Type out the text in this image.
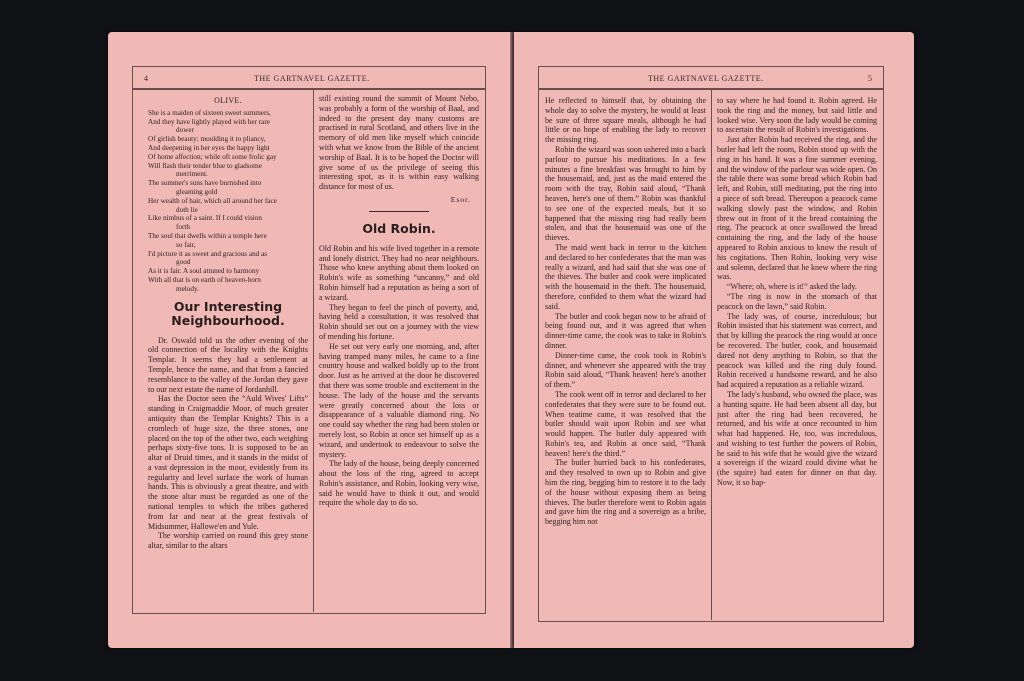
4	THE GARTNAVEL GAZETTE.
OLIVE.
She is a maiden of sixteen sweet summers,
And they have lightly played with her rare
dower
Of girlish beauty; moulding it to pliancy,
And deepening in her eyes the happy light
Of home affection; while oft some frolic gay
Will flash their tender blue to gladsome
merriment.
The summer's suns have burnished into
gleaming gold
Her wealth of hair, which all around her face
doth lie
Like nimbus of a saint. If I could vision
forth
The soul that dwells within a temple here
so fair,
I'd picture it as sweet and gracious and as
good
As it is fair. A soul attuned to harmony
With all that is on earth of heaven-born
melody.
Our Interesting
Neighbourhood.

Dr. Oswald told us the other evening of the old connection of the locality with the Knights Templar. It seems they had a settlement at Temple, hence the name, and that from a fancied resemblance to the valley of the Jordan they gave to our next estate the name of Jordanhill.

Has the Doctor seen the “Auld Wives' Lifts” standing in Craigmaddie Moor, of much greater antiquity than the Templar Knights? This is a cromlech of huge size, the three stones, one placed on the top of the other two, each weighing perhaps sixty-five tons. It is supposed to be an altar of Druid times, and it stands in the midst of a vast depression in the moor, evidently from its regularity and level surface the work of human hands. This is obviously a great theatre, and with the stone altar must be regarded as one of the national temples to which the tribes gathered from far and near at the great festivals of Midsummer, Hallowe'en and Yule.

The worship carried on round this grey stone altar, similar to the altars

still existing round the summit of Mount Nebo, was probably a form of the worship of Baal, and indeed to the present day many customs are practised in rural Scotland, and others live in the memory of old men like myself which coincide with what we know from the Bible of the ancient worship of Baal. It is to be hoped the Doctor will give some of us the privilege of seeing this interesting spot, as it is within easy walking distance for most of us.

Esor.
Old Robin.

Old Robin and his wife lived together in a remote and lonely district. They had no near neighbours. Those who knew anything about them looked on Robin's wife as something “uncanny,” and old Robin himself had a reputation as being a sort of a wizard.

They began to feel the pinch of poverty, and, having held a consultation, it was resolved that Robin should set out on a journey with the view of mending his fortune.

He set out very early one morning, and, after having tramped many miles, he came to a fine country house and walked boldly up to the front door. Just as he arrived at the door he discovered that there was some trouble and excitement in the house. The lady of the house and the servants were greatly concerned about the loss or disappearance of a valuable diamond ring. No one could say whether the ring had been stolen or merely lost, so Robin at once set himself up as a wizard, and undertook to endeavour to solve the mystery.

The lady of the house, being deeply concerned about the loss of the ring, agreed to accept Robin's assistance, and Robin, looking very wise, said he would have to think it out, and would require the whole day to do so.

THE GARTNAVEL GAZETTE.	5

He reflected to himself that, by obtaining the whole day to solve the mystery, he would at least be sure of three square meals, although he had little or no hope of enabling the lady to recover the missing ring.

Robin the wizard was soon ushered into a back parlour to pursue his meditations. In a few minutes a fine breakfast was brought to him by the housemaid, and, just as the maid entered the room with the tray, Robin said aloud, “Thank heaven, here's one of them.” Robin was thankful to see one of the expected meals, but it so happened that the missing ring had really been stolen, and that the housemaid was one of the thieves.

The maid went back in terror to the kitchen and declared to her confederates that the man was really a wizard, and had said that she was one of the thieves. The butler and cook were implicated with the housemaid in the theft. The housemaid, therefore, confided to them what the wizard had said.

The butler and cook began now to be afraid of being found out, and it was agreed that when dinner-time came, the cook was to take in Robin's dinner.

Dinner-time came, the cook took in Robin's dinner, and whenever she appeared with the tray Robin said aloud, “Thank heaven! here's another of them.”

The cook went off in terror and declared to her confederates that they were sure to be found out. When teatime came, it was resolved that the butler should wait upon Robin and see what would happen. The butler duly appeared with Robin's tea, and Robin at once said, “Thank heaven! here's the third.”

The butler hurried back to his confederates, and they resolved to own up to Robin and give him the ring, begging him to restore it to the lady of the house without exposing them as being thieves. The butler therefore went to Robin again and gave him the ring and a sovereign as a bribe, begging him not

to say where he had found it. Robin agreed. He took the ring and the money, but said little and looked wise. Very soon the lady would be coming to ascertain the result of Robin's investigations.

Just after Robin had received the ring, and the butler had left the room, Robin stood up with the ring in his hand. It was a fine summer evening, and the window of the parlour was wide open. On the table there was some bread which Robin had left, and Robin, still meditating, put the ring into a piece of soft bread. Thereupon a peacock came walking slowly past the window, and Robin threw out in front of it the bread containing the ring. The peacock at once swallowed the bread containing the ring, and the lady of the house appeared to Robin anxious to know the result of his cogitations. Then Robin, looking very wise and solemn, declared that he knew where the ring was.

“Where; oh, where is it!” asked the lady.

“The ring is now in the stomach of that peacock on the lawn,” said Robin.

The lady was, of course, incredulous; but Robin insisted that his statement was correct, and that by killing the peacock the ring would at once be recovered. The butler, cook, and housemaid dared not deny anything to Robin, so that the peacock was killed and the ring duly found. Robin received a handsome reward, and he also had acquired a reputation as a reliable wizard.

The lady's husband, who owned the place, was a hunting squire. He had been absent all day, but just after the ring had been recovered, he returned, and his wife at once recounted to him what had happened. He, too, was incredulous, and wishing to test further the powers of Robin, he said to his wife that he would give the wizard a sovereign if the wizard could divine what he (the squire) had eaten for dinner on that day. Now, it so hap-
